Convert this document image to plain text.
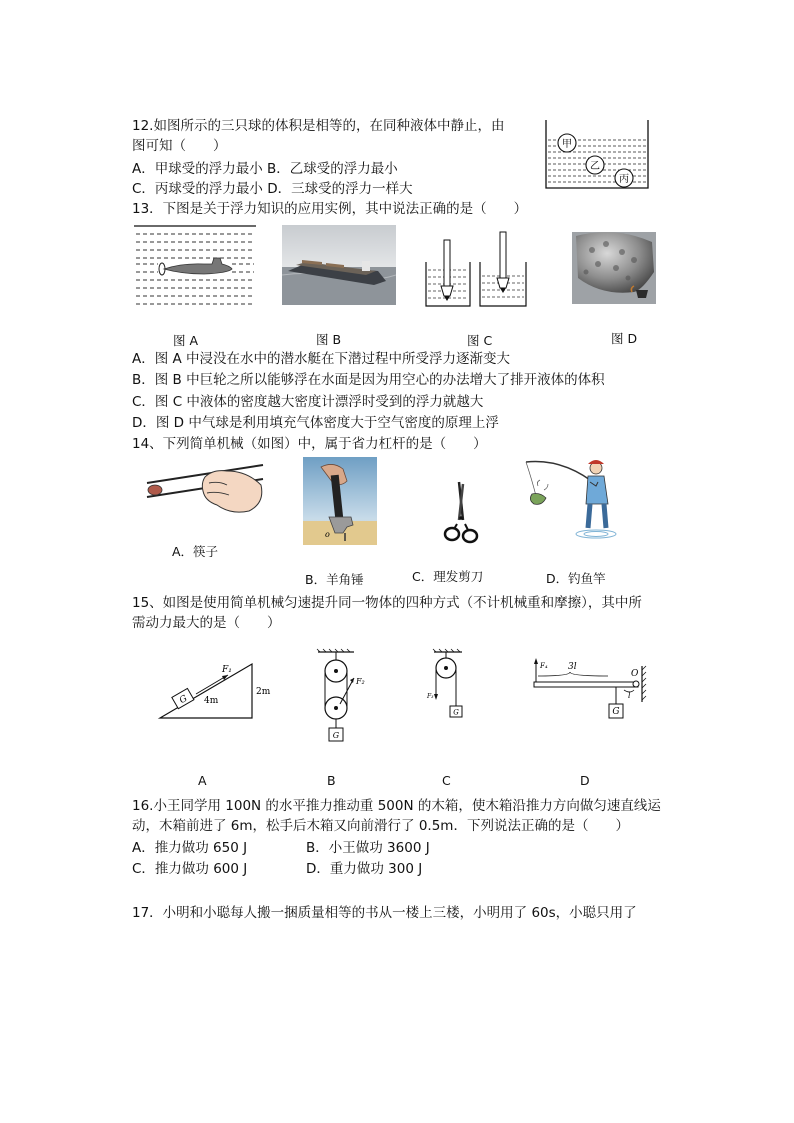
12.如图所示的三只球的体积是相等的，在同种液体中静止，由
图可知（　　）
A．甲球受的浮力最小 B．乙球受的浮力最小
C．丙球受的浮力最小 D．三球受的浮力一样大
甲
乙
丙
13．下图是关于浮力知识的应用实例，其中说法正确的是（　　）
图 A	图 B	图 C	图 D
A．图 A 中浸没在水中的潜水艇在下潜过程中所受浮力逐渐变大
B．图 B 中巨轮之所以能够浮在水面是因为用空心的办法增大了排开液体的体积
C．图 C 中液体的密度越大密度计漂浮时受到的浮力就越大
D．图 D 中气球是利用填充气体密度大于空气密度的原理上浮
14、下列简单机械（如图）中，属于省力杠杆的是（　　）
A．筷子
o
B．羊角锤	C．理发剪刀	D．钓鱼竿
15、如图是使用简单机械匀速提升同一物体的四种方式（不计机械重和摩擦），其中所
需动力最大的是（　　）
G
F₁
4m
2m
F₂
G
F₃
G
F₄ 3l
O
l
G
A	B	C	D
16.小王同学用 100N 的水平推力推动重 500N 的木箱，使木箱沿推力方向做匀速直线运
动，木箱前进了 6m，松手后木箱又向前滑行了 0.5m．下列说法正确的是（　　）
A．推力做功 650 J	B．小王做功 3600 J
C．推力做功 600 J	D．重力做功 300 J
17．小明和小聪每人搬一捆质量相等的书从一楼上三楼，小明用了 60s，小聪只用了
